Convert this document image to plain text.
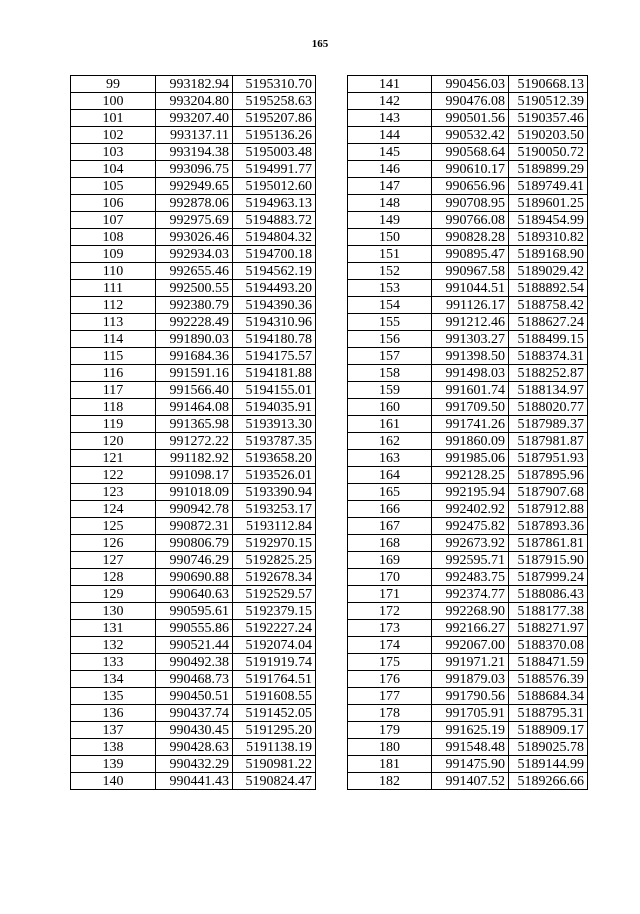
165
99	993182.94	5195310.70
100	993204.80	5195258.63
101	993207.40	5195207.86
102	993137.11	5195136.26
103	993194.38	5195003.48
104	993096.75	5194991.77
105	992949.65	5195012.60
106	992878.06	5194963.13
107	992975.69	5194883.72
108	993026.46	5194804.32
109	992934.03	5194700.18
110	992655.46	5194562.19
111	992500.55	5194493.20
112	992380.79	5194390.36
113	992228.49	5194310.96
114	991890.03	5194180.78
115	991684.36	5194175.57
116	991591.16	5194181.88
117	991566.40	5194155.01
118	991464.08	5194035.91
119	991365.98	5193913.30
120	991272.22	5193787.35
121	991182.92	5193658.20
122	991098.17	5193526.01
123	991018.09	5193390.94
124	990942.78	5193253.17
125	990872.31	5193112.84
126	990806.79	5192970.15
127	990746.29	5192825.25
128	990690.88	5192678.34
129	990640.63	5192529.57
130	990595.61	5192379.15
131	990555.86	5192227.24
132	990521.44	5192074.04
133	990492.38	5191919.74
134	990468.73	5191764.51
135	990450.51	5191608.55
136	990437.74	5191452.05
137	990430.45	5191295.20
138	990428.63	5191138.19
139	990432.29	5190981.22
140	990441.43	5190824.47
141	990456.03	5190668.13
142	990476.08	5190512.39
143	990501.56	5190357.46
144	990532.42	5190203.50
145	990568.64	5190050.72
146	990610.17	5189899.29
147	990656.96	5189749.41
148	990708.95	5189601.25
149	990766.08	5189454.99
150	990828.28	5189310.82
151	990895.47	5189168.90
152	990967.58	5189029.42
153	991044.51	5188892.54
154	991126.17	5188758.42
155	991212.46	5188627.24
156	991303.27	5188499.15
157	991398.50	5188374.31
158	991498.03	5188252.87
159	991601.74	5188134.97
160	991709.50	5188020.77
161	991741.26	5187989.37
162	991860.09	5187981.87
163	991985.06	5187951.93
164	992128.25	5187895.96
165	992195.94	5187907.68
166	992402.92	5187912.88
167	992475.82	5187893.36
168	992673.92	5187861.81
169	992595.71	5187915.90
170	992483.75	5187999.24
171	992374.77	5188086.43
172	992268.90	5188177.38
173	992166.27	5188271.97
174	992067.00	5188370.08
175	991971.21	5188471.59
176	991879.03	5188576.39
177	991790.56	5188684.34
178	991705.91	5188795.31
179	991625.19	5188909.17
180	991548.48	5189025.78
181	991475.90	5189144.99
182	991407.52	5189266.66
